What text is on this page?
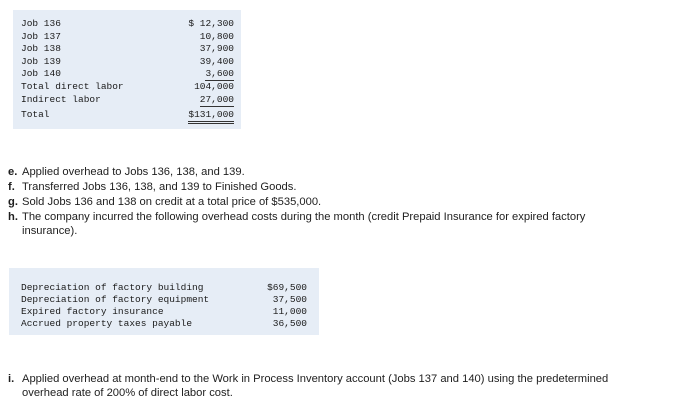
Job 136	$ 12,300
Job 137	10,800
Job 138	37,900
Job 139	39,400
Job 140	3,600
Total direct labor	104,000
Indirect labor	27,000
Total	$131,000
e. Applied overhead to Jobs 136, 138, and 139.
f. Transferred Jobs 136, 138, and 139 to Finished Goods.
g. Sold Jobs 136 and 138 on credit at a total price of $535,000.
h. The company incurred the following overhead costs during the month (credit Prepaid Insurance for expired factory
insurance).
Depreciation of factory building	$69,500
Depreciation of factory equipment	37,500
Expired factory insurance	11,000
Accrued property taxes payable	36,500
i. Applied overhead at month-end to the Work in Process Inventory account (Jobs 137 and 140) using the predetermined
overhead rate of 200% of direct labor cost.
